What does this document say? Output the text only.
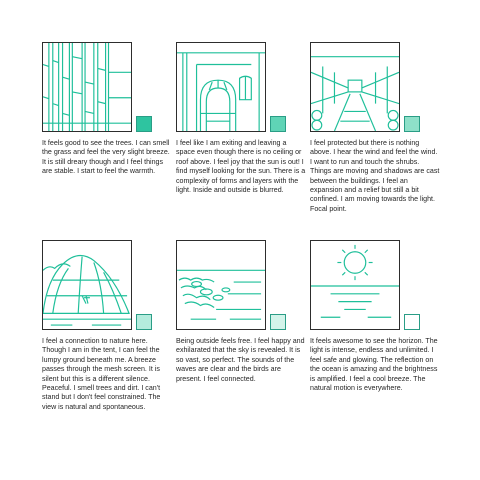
It feels good to see the trees. I can smell the grass and feel the very slight breeze. It is still dreary though and I feel things are stable. I start to feel the warmth.

I feel like I am exiting and leaving a space even though there is no ceiling or roof above. I feel joy that the sun is out! I find myself looking for the sun. There is a complexity of forms and layers with the light. Inside and outside is blurred.

I feel protected but there is nothing above. I hear the wind and feel the wind. I want to run and touch the shrubs. Things are moving and shadows are cast between the buildings. I feel an expansion and a relief but still a bit confined. I am moving towards the light. Focal point.

I feel a connection to nature here. Though I am in the tent, I can feel the lumpy ground beneath me. A breeze passes through the mesh screen. It is silent but this is a different silence. Peaceful. I smell trees and dirt. I can't stand but I don't feel constrained. The view is natural and spontaneous.

Being outside feels free. I feel happy and exhilarated that the sky is revealed. It is so vast, so perfect. The sounds of the waves are clear and the birds are present. I feel connected.

It feels awesome to see the horizon. The light is intense, endless and unlimited. I feel safe and glowing. The reflection on the ocean is amazing and the brightness is amplified. I feel a cool breeze. The natural motion is everywhere.
